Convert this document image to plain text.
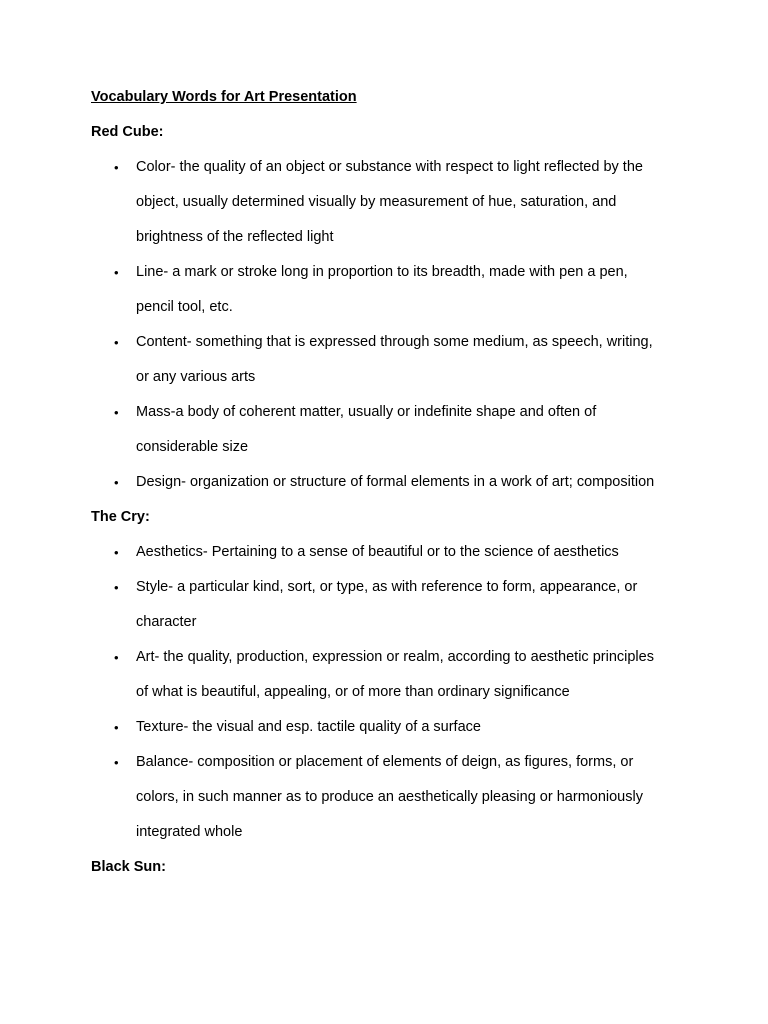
Vocabulary Words for Art Presentation
Red Cube:
•	Color- the quality of an object or substance with respect to light reflected by the
object, usually determined visually by measurement of hue, saturation, and
brightness of the reflected light
•	Line- a mark or stroke long in proportion to its breadth, made with pen a pen,
pencil tool, etc.
•	Content- something that is expressed through some medium, as speech, writing,
or any various arts
•	Mass-a body of coherent matter, usually or indefinite shape and often of
considerable size
•	Design- organization or structure of formal elements in a work of art; composition
The Cry:
•	Aesthetics- Pertaining to a sense of beautiful or to the science of aesthetics
•	Style- a particular kind, sort, or type, as with reference to form, appearance, or
character
•	Art- the quality, production, expression or realm, according to aesthetic principles
of what is beautiful, appealing, or of more than ordinary significance
•	Texture- the visual and esp. tactile quality of a surface
•	Balance- composition or placement of elements of deign, as figures, forms, or
colors, in such manner as to produce an aesthetically pleasing or harmoniously
integrated whole
Black Sun:
